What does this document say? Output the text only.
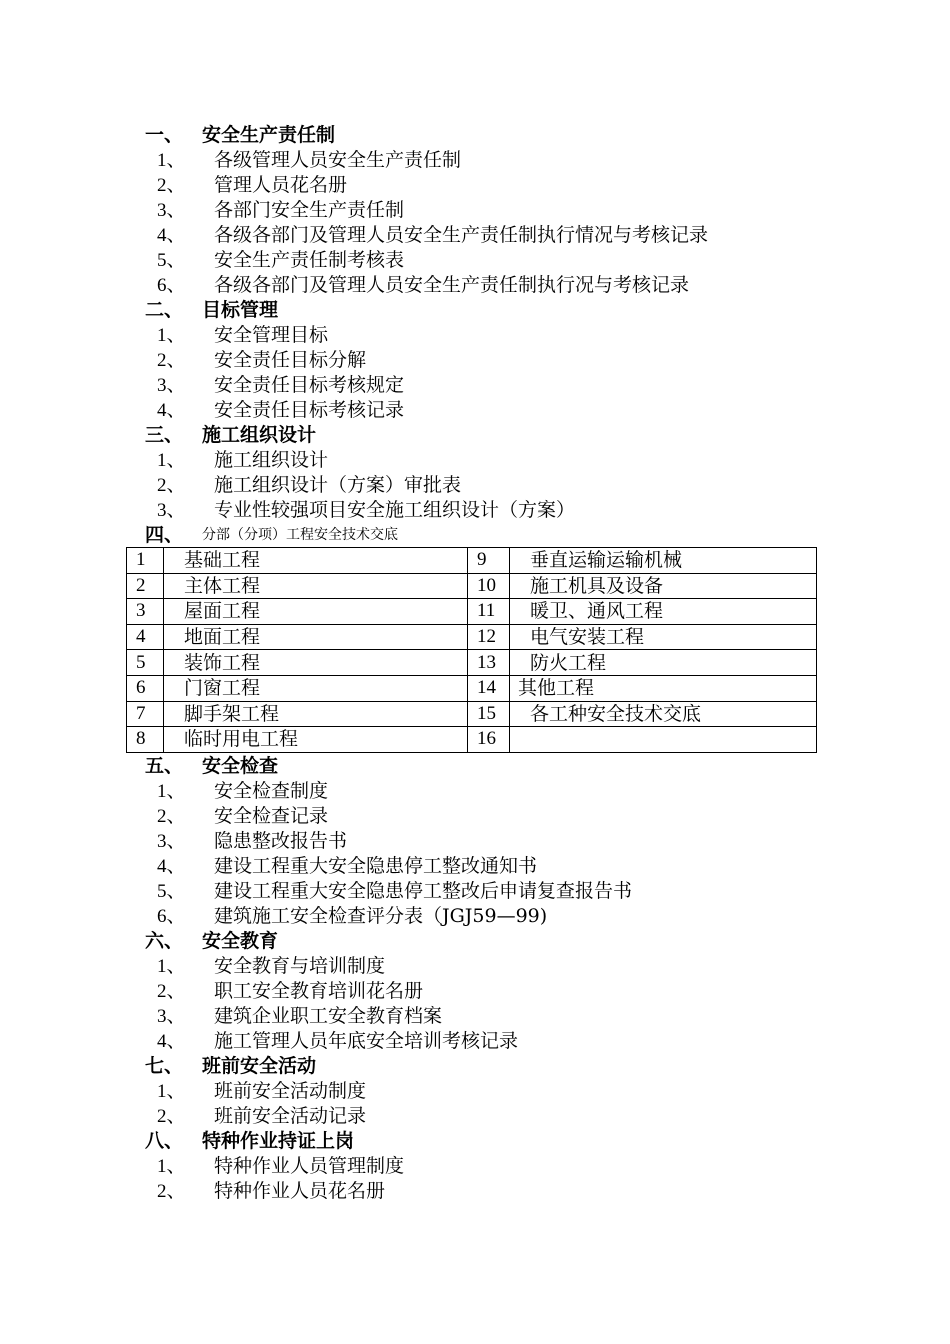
一、 安全生产责任制
1、 各级管理人员安全生产责任制
2、 管理人员花名册
3、 各部门安全生产责任制
4、 各级各部门及管理人员安全生产责任制执行情况与考核记录
5、 安全生产责任制考核表
6、 各级各部门及管理人员安全生产责任制执行况与考核记录
二、 目标管理
1、 安全管理目标
2、 安全责任目标分解
3、 安全责任目标考核规定
4、 安全责任目标考核记录
三、 施工组织设计
1、 施工组织设计
2、 施工组织设计（方案）审批表
3、 专业性较强项目安全施工组织设计（方案）
四、 分部（分项）工程安全技术交底
1	基础工程	9	垂直运输运输机械
2	主体工程	10	施工机具及设备
3	屋面工程	11	暖卫、通风工程
4	地面工程	12	电气安装工程
5	装饰工程	13	防火工程
6	门窗工程	14	其他工程
7	脚手架工程	15	各工种安全技术交底
8	临时用电工程	16	
五、 安全检查
1、 安全检查制度
2、 安全检查记录
3、 隐患整改报告书
4、 建设工程重大安全隐患停工整改通知书
5、 建设工程重大安全隐患停工整改后申请复查报告书
6、 建筑施工安全检查评分表（JGJ59—99)
六、 安全教育
1、 安全教育与培训制度
2、 职工安全教育培训花名册
3、 建筑企业职工安全教育档案
4、 施工管理人员年底安全培训考核记录
七、 班前安全活动
1、 班前安全活动制度
2、 班前安全活动记录
八、 特种作业持证上岗
1、 特种作业人员管理制度
2、 特种作业人员花名册
